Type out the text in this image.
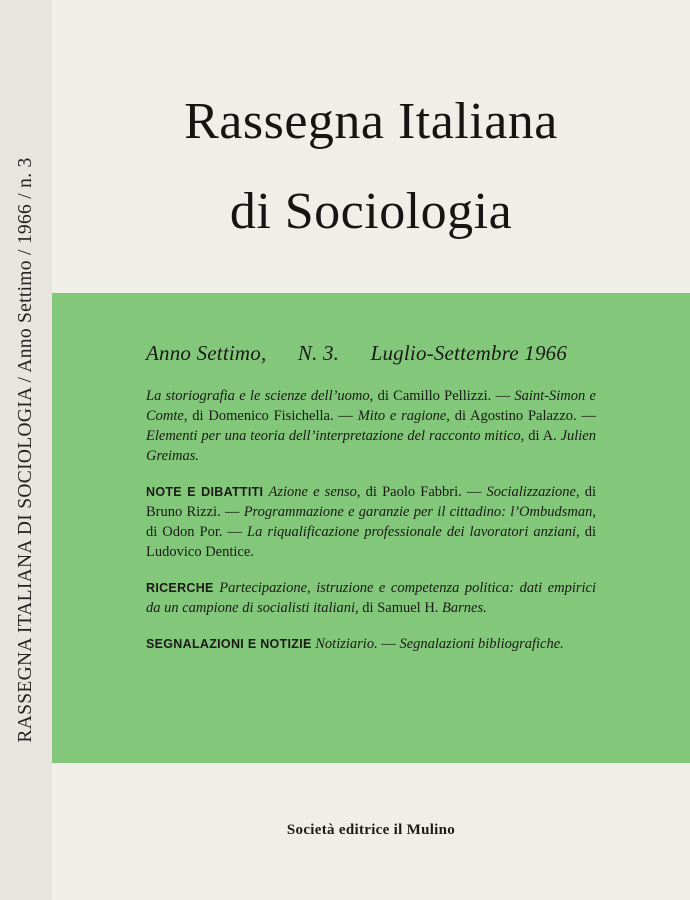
RASSEGNA ITALIANA DI SOCIOLOGIA / Anno Settimo / 1966 / n. 3
Rassegna Italiana
di Sociologia
Anno Settimo, N. 3. Luglio-Settembre 1966
La storiografia e le scienze dell’uomo, di Camillo Pellizzi. — Saint-Simon e Comte, di Domenico Fisichella. — Mito e ragione, di Agostino Palazzo. — Elementi per una teoria dell’interpretazione del racconto mitico, di A. Julien Greimas.
NOTE E DIBATTITI Azione e senso, di Paolo Fabbri. — Socializzazione, di Bruno Rizzi. — Programmazione e garanzie per il cittadino: l’Ombudsman, di Odon Por. — La riqualificazione professionale dei lavoratori anziani, di Ludovico Dentice.
RICERCHE Partecipazione, istruzione e competenza politica: dati empirici da un campione di socialisti italiani, di Samuel H. Barnes.
SEGNALAZIONI E NOTIZIE Notiziario. — Segnalazioni bibliografiche.
Società editrice il Mulino
